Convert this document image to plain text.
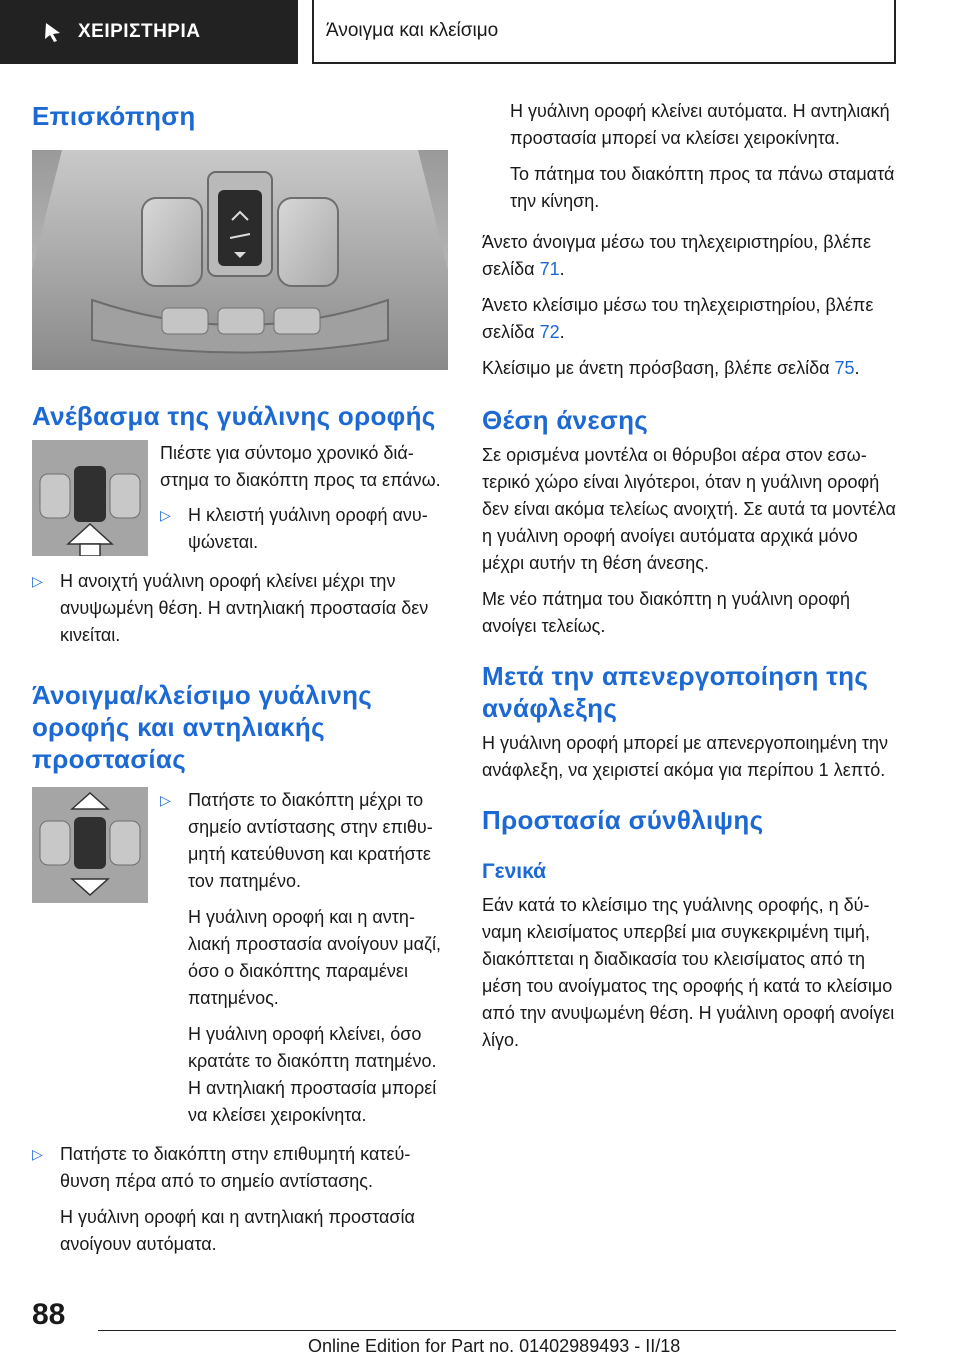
ΧΕΙΡΙΣΤΗΡΙΑ	Άνοιγμα και κλείσιμο
Επισκόπηση
Ανέβασμα της γυάλινης οροφής

Πιέστε για σύντομο χρονικό διάστημα το διακόπτη προς τα επάνω.

▷ Η κλειστή γυάλινη οροφή ανυψώνεται.
▷ Η ανοιχτή γυάλινη οροφή κλείνει μέχρι την ανυψωμένη θέση. Η αντηλιακή προστασία δεν κινείται.
Άνοιγμα/κλείσιμο γυάλινης οροφής και αντηλιακής προστασίας
▷ Πατήστε το διακόπτη μέχρι το σημείο αντίστασης στην επιθυμητή κατεύθυνση και κρατήστε τον πατημένο.

Η γυάλινη οροφή και η αντηλιακή προστασία ανοίγουν μαζί, όσο ο διακόπτης παραμένει πατημένος.

Η γυάλινη οροφή κλείνει, όσο κρατάτε το διακόπτη πατημένο. Η αντηλιακή προστασία μπορεί να κλείσει χειροκίνητα.

▷ Πατήστε το διακόπτη στην επιθυμητή κατεύθυνση πέρα από το σημείο αντίστασης.

Η γυάλινη οροφή και η αντηλιακή προστασία ανοίγουν αυτόματα.

Η γυάλινη οροφή κλείνει αυτόματα. Η αντηλιακή προστασία μπορεί να κλείσει χειροκίνητα.

Το πάτημα του διακόπτη προς τα πάνω σταματά την κίνηση.

Άνετο άνοιγμα μέσω του τηλεχειριστηρίου, βλέπε σελίδα 71.

Άνετο κλείσιμο μέσω του τηλεχειριστηρίου, βλέπε σελίδα 72.

Κλείσιμο με άνετη πρόσβαση, βλέπε σελίδα 75.

Θέση άνεσης

Σε ορισμένα μοντέλα οι θόρυβοι αέρα στον εσωτερικό χώρο είναι λιγότεροι, όταν η γυάλινη οροφή δεν είναι ακόμα τελείως ανοιχτή. Σε αυτά τα μοντέλα η γυάλινη οροφή ανοίγει αυτόματα αρχικά μόνο μέχρι αυτήν τη θέση άνεσης.

Με νέο πάτημα του διακόπτη η γυάλινη οροφή ανοίγει τελείως.

Μετά την απενεργοποίηση της ανάφλεξης

Η γυάλινη οροφή μπορεί με απενεργοποιημένη την ανάφλεξη, να χειριστεί ακόμα για περίπου 1 λεπτό.

Προστασία σύνθλιψης
Γενικά

Εάν κατά το κλείσιμο της γυάλινης οροφής, η δύναμη κλεισίματος υπερβεί μια συγκεκριμένη τιμή, διακόπτεται η διαδικασία του κλεισίματος από τη μέση του ανοίγματος της οροφής ή κατά το κλείσιμο από την ανυψωμένη θέση. Η γυάλινη οροφή ανοίγει λίγο.

88
Online Edition for Part no. 01402989493 - II/18
